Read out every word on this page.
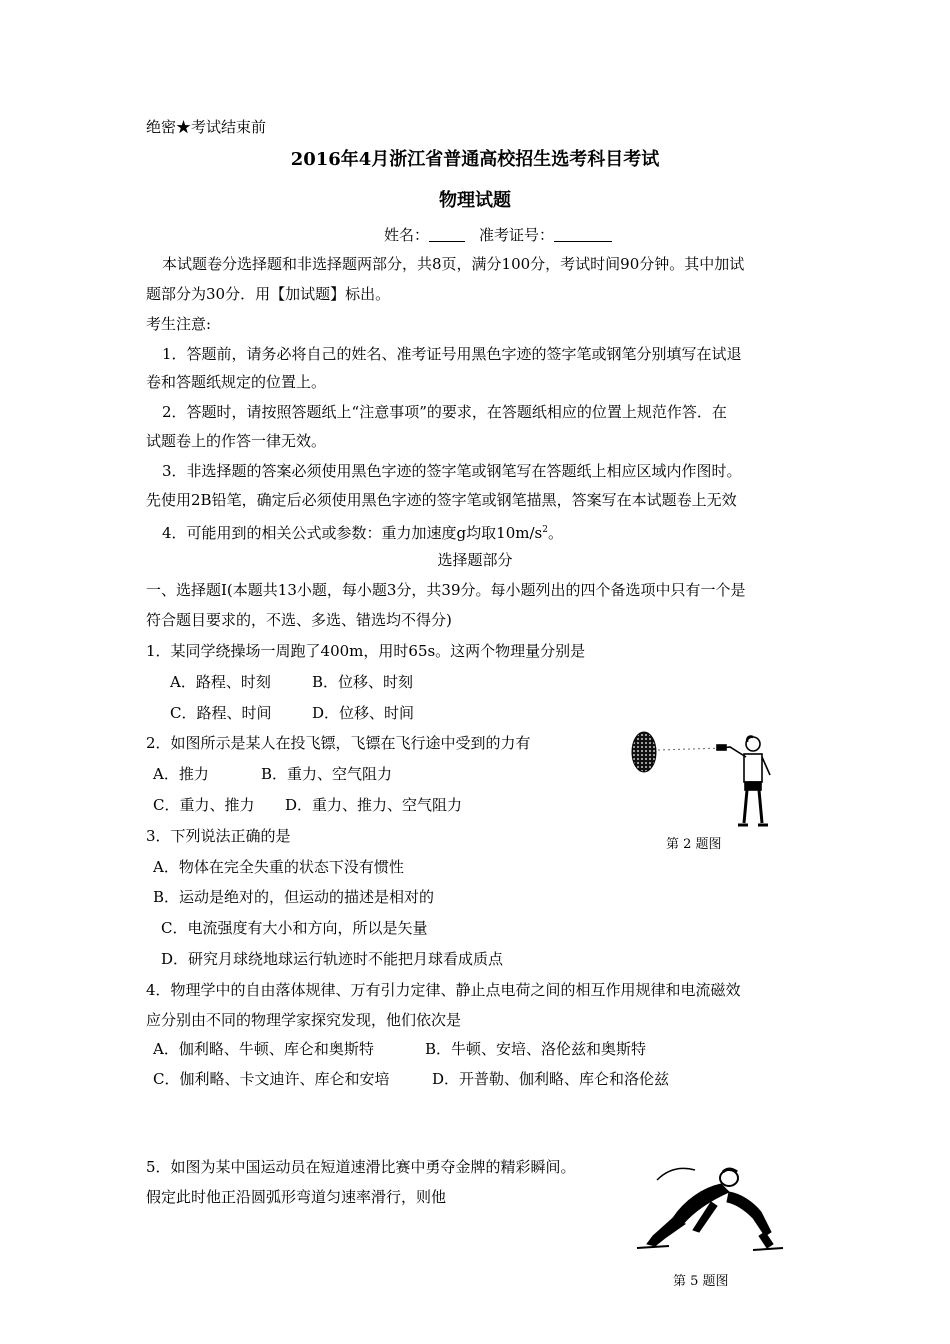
绝密★考试结束前
2016年4月浙江省普通高校招生选考科目考试
物理试题
姓名：	准考证号：
本试题卷分选择题和非选择题两部分，共8页，满分100分，考试时间90分钟。其中加试
题部分为30分．用【加试题】标出。
考生注意:
1．答题前，请务必将自己的姓名、准考证号用黑色字迹的签字笔或钢笔分别填写在试退
卷和答题纸规定的位置上。
2．答题时，请按照答题纸上“注意事项”的要求，在答题纸相应的位置上规范作答．在
试题卷上的作答一律无效。
3．非选择题的答案必须使用黑色字迹的签字笔或钢笔写在答题纸上相应区域内作图时。
先使用2B铅笔，确定后必须使用黑色字迹的签字笔或钢笔描黑，答案写在本试题卷上无效
4．可能用到的相关公式或参数：重力加速度g均取$10m/s^2$。
选择题部分
一、选择题I(本题共13小题，每小题3分，共39分。每小题列出的四个备选项中只有一个是
符合题目要求的，不选、多选、错选均不得分)
1．某同学绕操场一周跑了400m，用时65s。这两个物理量分别是
A．路程、时刻	B．位移、时刻
C．路程、时间	D．位移、时间
2．如图所示是某人在投飞镖，飞镖在飞行途中受到的力有
A．推力	B．重力、空气阻力
C．重力、推力 D．重力、推力、空气阻力
第 2 题图
3．下列说法正确的是
A．物体在完全失重的状态下没有惯性
B．运动是绝对的，但运动的描述是相对的
C．电流强度有大小和方向，所以是矢量
D．研究月球绕地球运行轨迹时不能把月球看成质点
4．物理学中的自由落体规律、万有引力定律、静止点电荷之间的相互作用规律和电流磁效
应分别由不同的物理学家探究发现，他们依次是
A．伽利略、牛顿、库仑和奥斯特	B．牛顿、安培、洛伦兹和奥斯特
C．伽利略、卡文迪许、库仑和安培	D．开普勒、伽利略、库仑和洛伦兹
5．如图为某中国运动员在短道速滑比赛中勇夺金牌的精彩瞬间。
假定此时他正沿圆弧形弯道匀速率滑行，则他
第 5 题图
